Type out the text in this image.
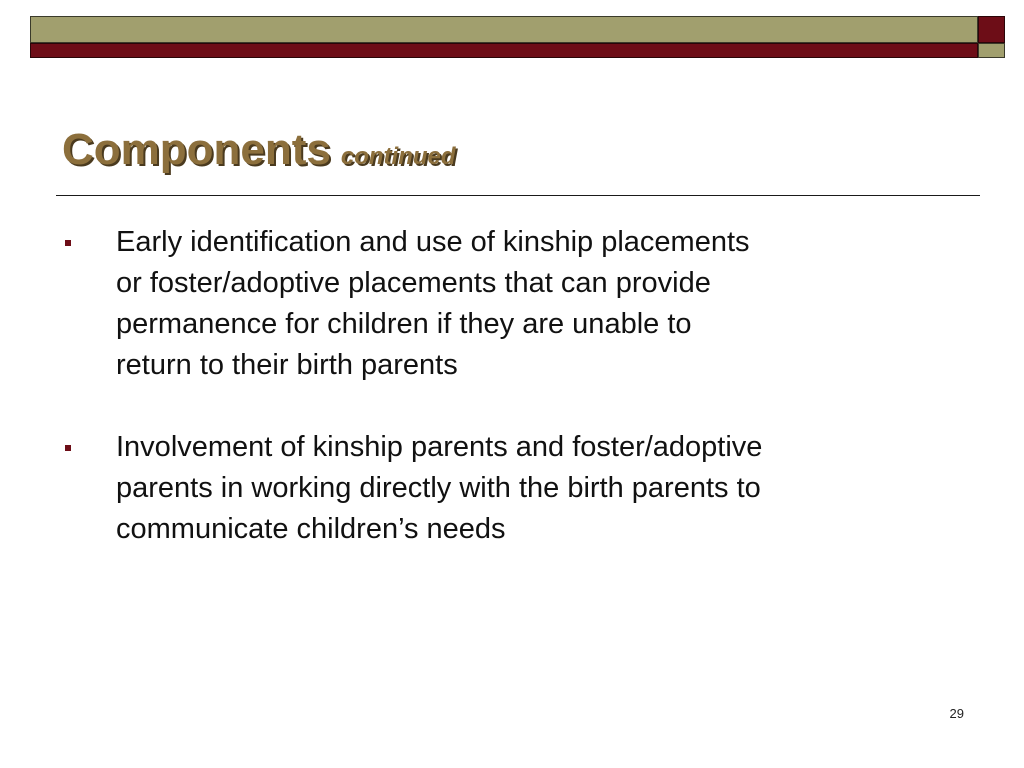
Components continued
Early identification and use of kinship placements or foster/adoptive placements that can provide permanence for children if they are unable to return to their birth parents
Involvement of kinship parents and foster/adoptive parents in working directly with the birth parents to communicate children’s needs
29
